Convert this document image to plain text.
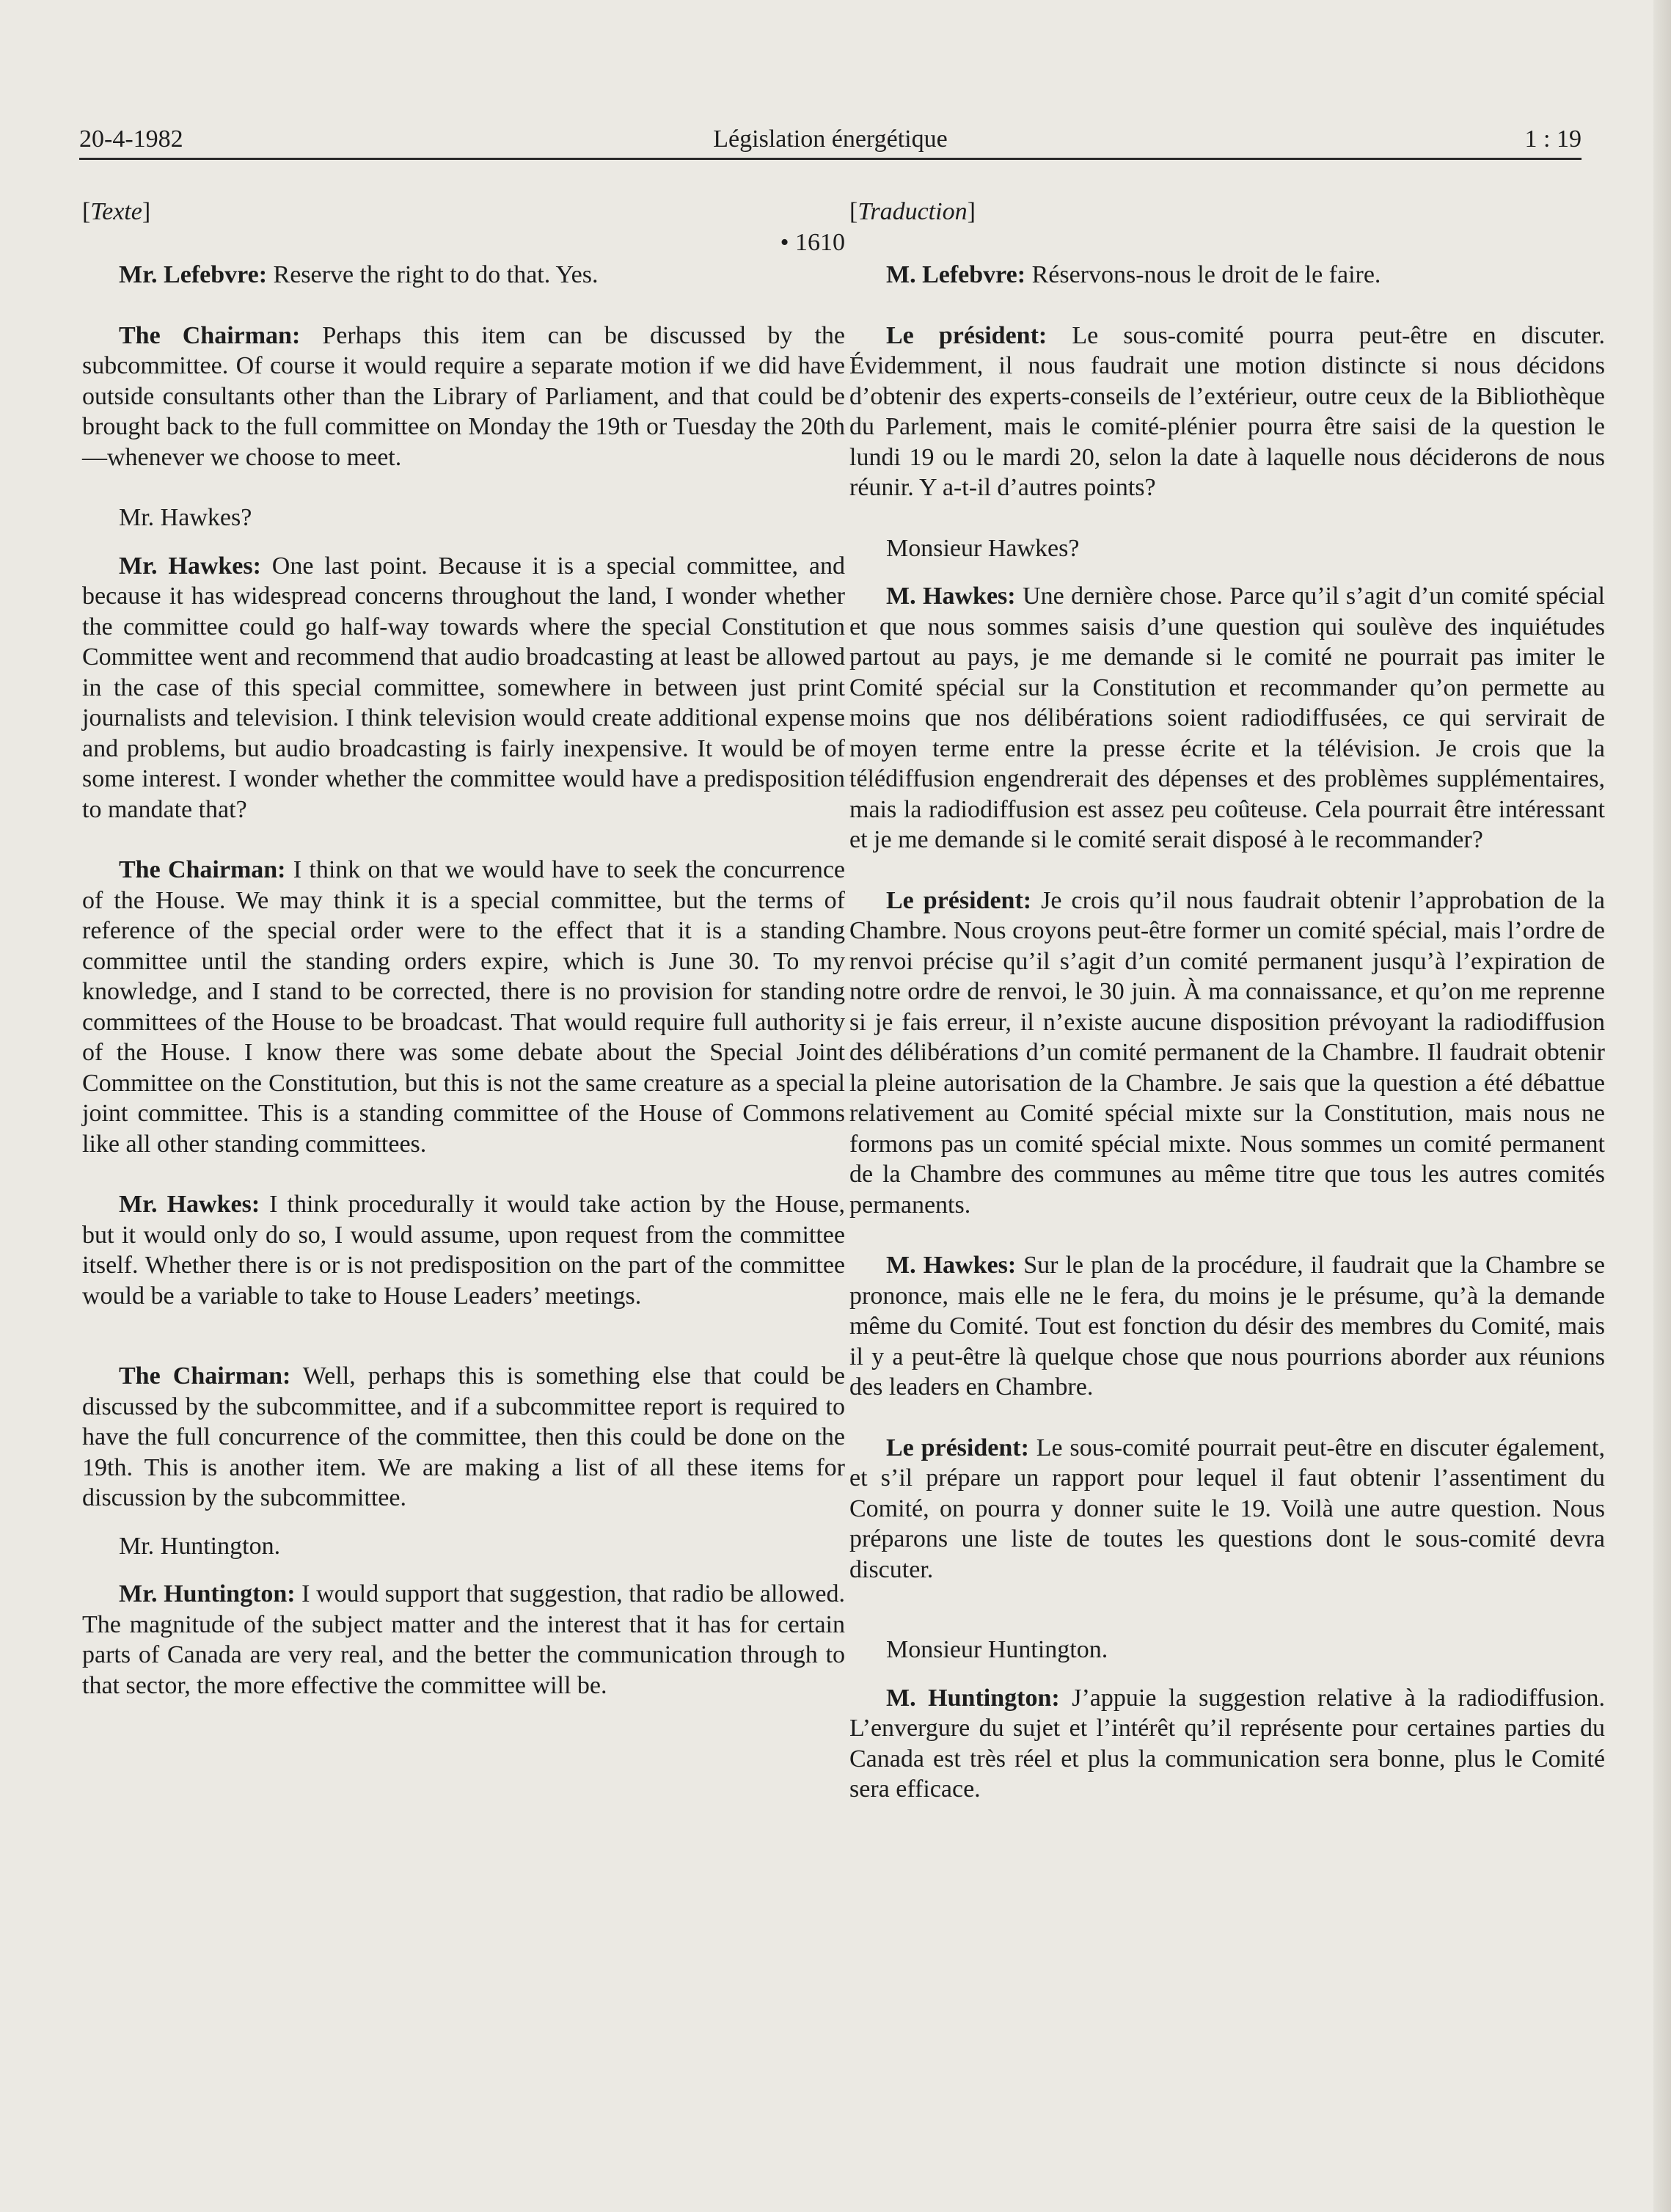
20-4-1982	Législation énergétique	1 : 19
[Texte]
• 1610
Mr. Lefebvre: Reserve the right to do that. Yes.
The Chairman: Perhaps this item can be discussed by the subcommittee. Of course it would require a separate motion if we did have outside consultants other than the Library of Parliament, and that could be brought back to the full committee on Monday the 19th or Tuesday the 20th—whenever we choose to meet.
Mr. Hawkes?
Mr. Hawkes: One last point. Because it is a special committee, and because it has widespread concerns throughout the land, I wonder whether the committee could go half-way towards where the special Constitution Committee went and recommend that audio broadcasting at least be allowed in the case of this special committee, somewhere in between just print journalists and television. I think television would create additional expense and problems, but audio broadcasting is fairly inexpensive. It would be of some interest. I wonder whether the committee would have a predisposition to mandate that?
The Chairman: I think on that we would have to seek the concurrence of the House. We may think it is a special committee, but the terms of reference of the special order were to the effect that it is a standing committee until the standing orders expire, which is June 30. To my knowledge, and I stand to be corrected, there is no provision for standing committees of the House to be broadcast. That would require full authority of the House. I know there was some debate about the Special Joint Committee on the Constitution, but this is not the same creature as a special joint committee. This is a standing committee of the House of Commons like all other standing committees.
Mr. Hawkes: I think procedurally it would take action by the House, but it would only do so, I would assume, upon request from the committee itself. Whether there is or is not predisposition on the part of the committee would be a variable to take to House Leaders’ meetings.
The Chairman: Well, perhaps this is something else that could be discussed by the subcommittee, and if a subcommittee report is required to have the full concurrence of the committee, then this could be done on the 19th. This is another item. We are making a list of all these items for discussion by the subcommittee.
Mr. Huntington.
Mr. Huntington: I would support that suggestion, that radio be allowed. The magnitude of the subject matter and the interest that it has for certain parts of Canada are very real, and the better the communication through to that sector, the more effective the committee will be.
[Traduction]
M. Lefebvre: Réservons-nous le droit de le faire.
Le président: Le sous-comité pourra peut-être en discuter. Évidemment, il nous faudrait une motion distincte si nous décidons d’obtenir des experts-conseils de l’extérieur, outre ceux de la Bibliothèque du Parlement, mais le comité-plénier pourra être saisi de la question le lundi 19 ou le mardi 20, selon la date à laquelle nous déciderons de nous réunir. Y a-t-il d’autres points?
Monsieur Hawkes?
M. Hawkes: Une dernière chose. Parce qu’il s’agit d’un comité spécial et que nous sommes saisis d’une question qui soulève des inquiétudes partout au pays, je me demande si le comité ne pourrait pas imiter le Comité spécial sur la Constitution et recommander qu’on permette au moins que nos délibérations soient radiodiffusées, ce qui servirait de moyen terme entre la presse écrite et la télévision. Je crois que la télédiffusion engendrerait des dépenses et des problèmes supplémentaires, mais la radiodiffusion est assez peu coûteuse. Cela pourrait être intéressant et je me demande si le comité serait disposé à le recommander?
Le président: Je crois qu’il nous faudrait obtenir l’approbation de la Chambre. Nous croyons peut-être former un comité spécial, mais l’ordre de renvoi précise qu’il s’agit d’un comité permanent jusqu’à l’expiration de notre ordre de renvoi, le 30 juin. À ma connaissance, et qu’on me reprenne si je fais erreur, il n’existe aucune disposition prévoyant la radiodiffusion des délibérations d’un comité permanent de la Chambre. Il faudrait obtenir la pleine autorisation de la Chambre. Je sais que la question a été débattue relativement au Comité spécial mixte sur la Constitution, mais nous ne formons pas un comité spécial mixte. Nous sommes un comité permanent de la Chambre des communes au même titre que tous les autres comités permanents.
M. Hawkes: Sur le plan de la procédure, il faudrait que la Chambre se prononce, mais elle ne le fera, du moins je le présume, qu’à la demande même du Comité. Tout est fonction du désir des membres du Comité, mais il y a peut-être là quelque chose que nous pourrions aborder aux réunions des leaders en Chambre.
Le président: Le sous-comité pourrait peut-être en discuter également, et s’il prépare un rapport pour lequel il faut obtenir l’assentiment du Comité, on pourra y donner suite le 19. Voilà une autre question. Nous préparons une liste de toutes les questions dont le sous-comité devra discuter.
Monsieur Huntington.
M. Huntington: J’appuie la suggestion relative à la radiodiffusion. L’envergure du sujet et l’intérêt qu’il représente pour certaines parties du Canada est très réel et plus la communication sera bonne, plus le Comité sera efficace.
